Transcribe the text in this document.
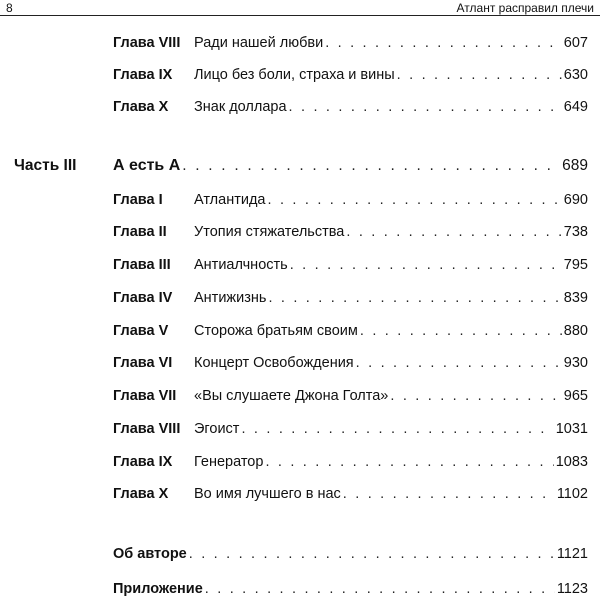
8	Атлант расправил плечи
Глава VIII Ради нашей любви . . .	607
Глава IX Лицо без боли, страха и вины . . .	630
Глава X Знак доллара . . .	649
Часть III А есть А . . .	689
Глава I Атлантида . . .	690
Глава II Утопия стяжательства . . .	738
Глава III Антиалчность . . .	795
Глава IV Антижизнь . . .	839
Глава V Сторожа братьям своим . . .	880
Глава VI Концерт Освобождения . . .	930
Глава VII «Вы слушаете Джона Голта» . . .	965
Глава VIII Эгоист . . .	1031
Глава IX Генератор . . .	1083
Глава X Во имя лучшего в нас . . .	1102
Об авторе . . .	1121
Приложение . . .	1123
